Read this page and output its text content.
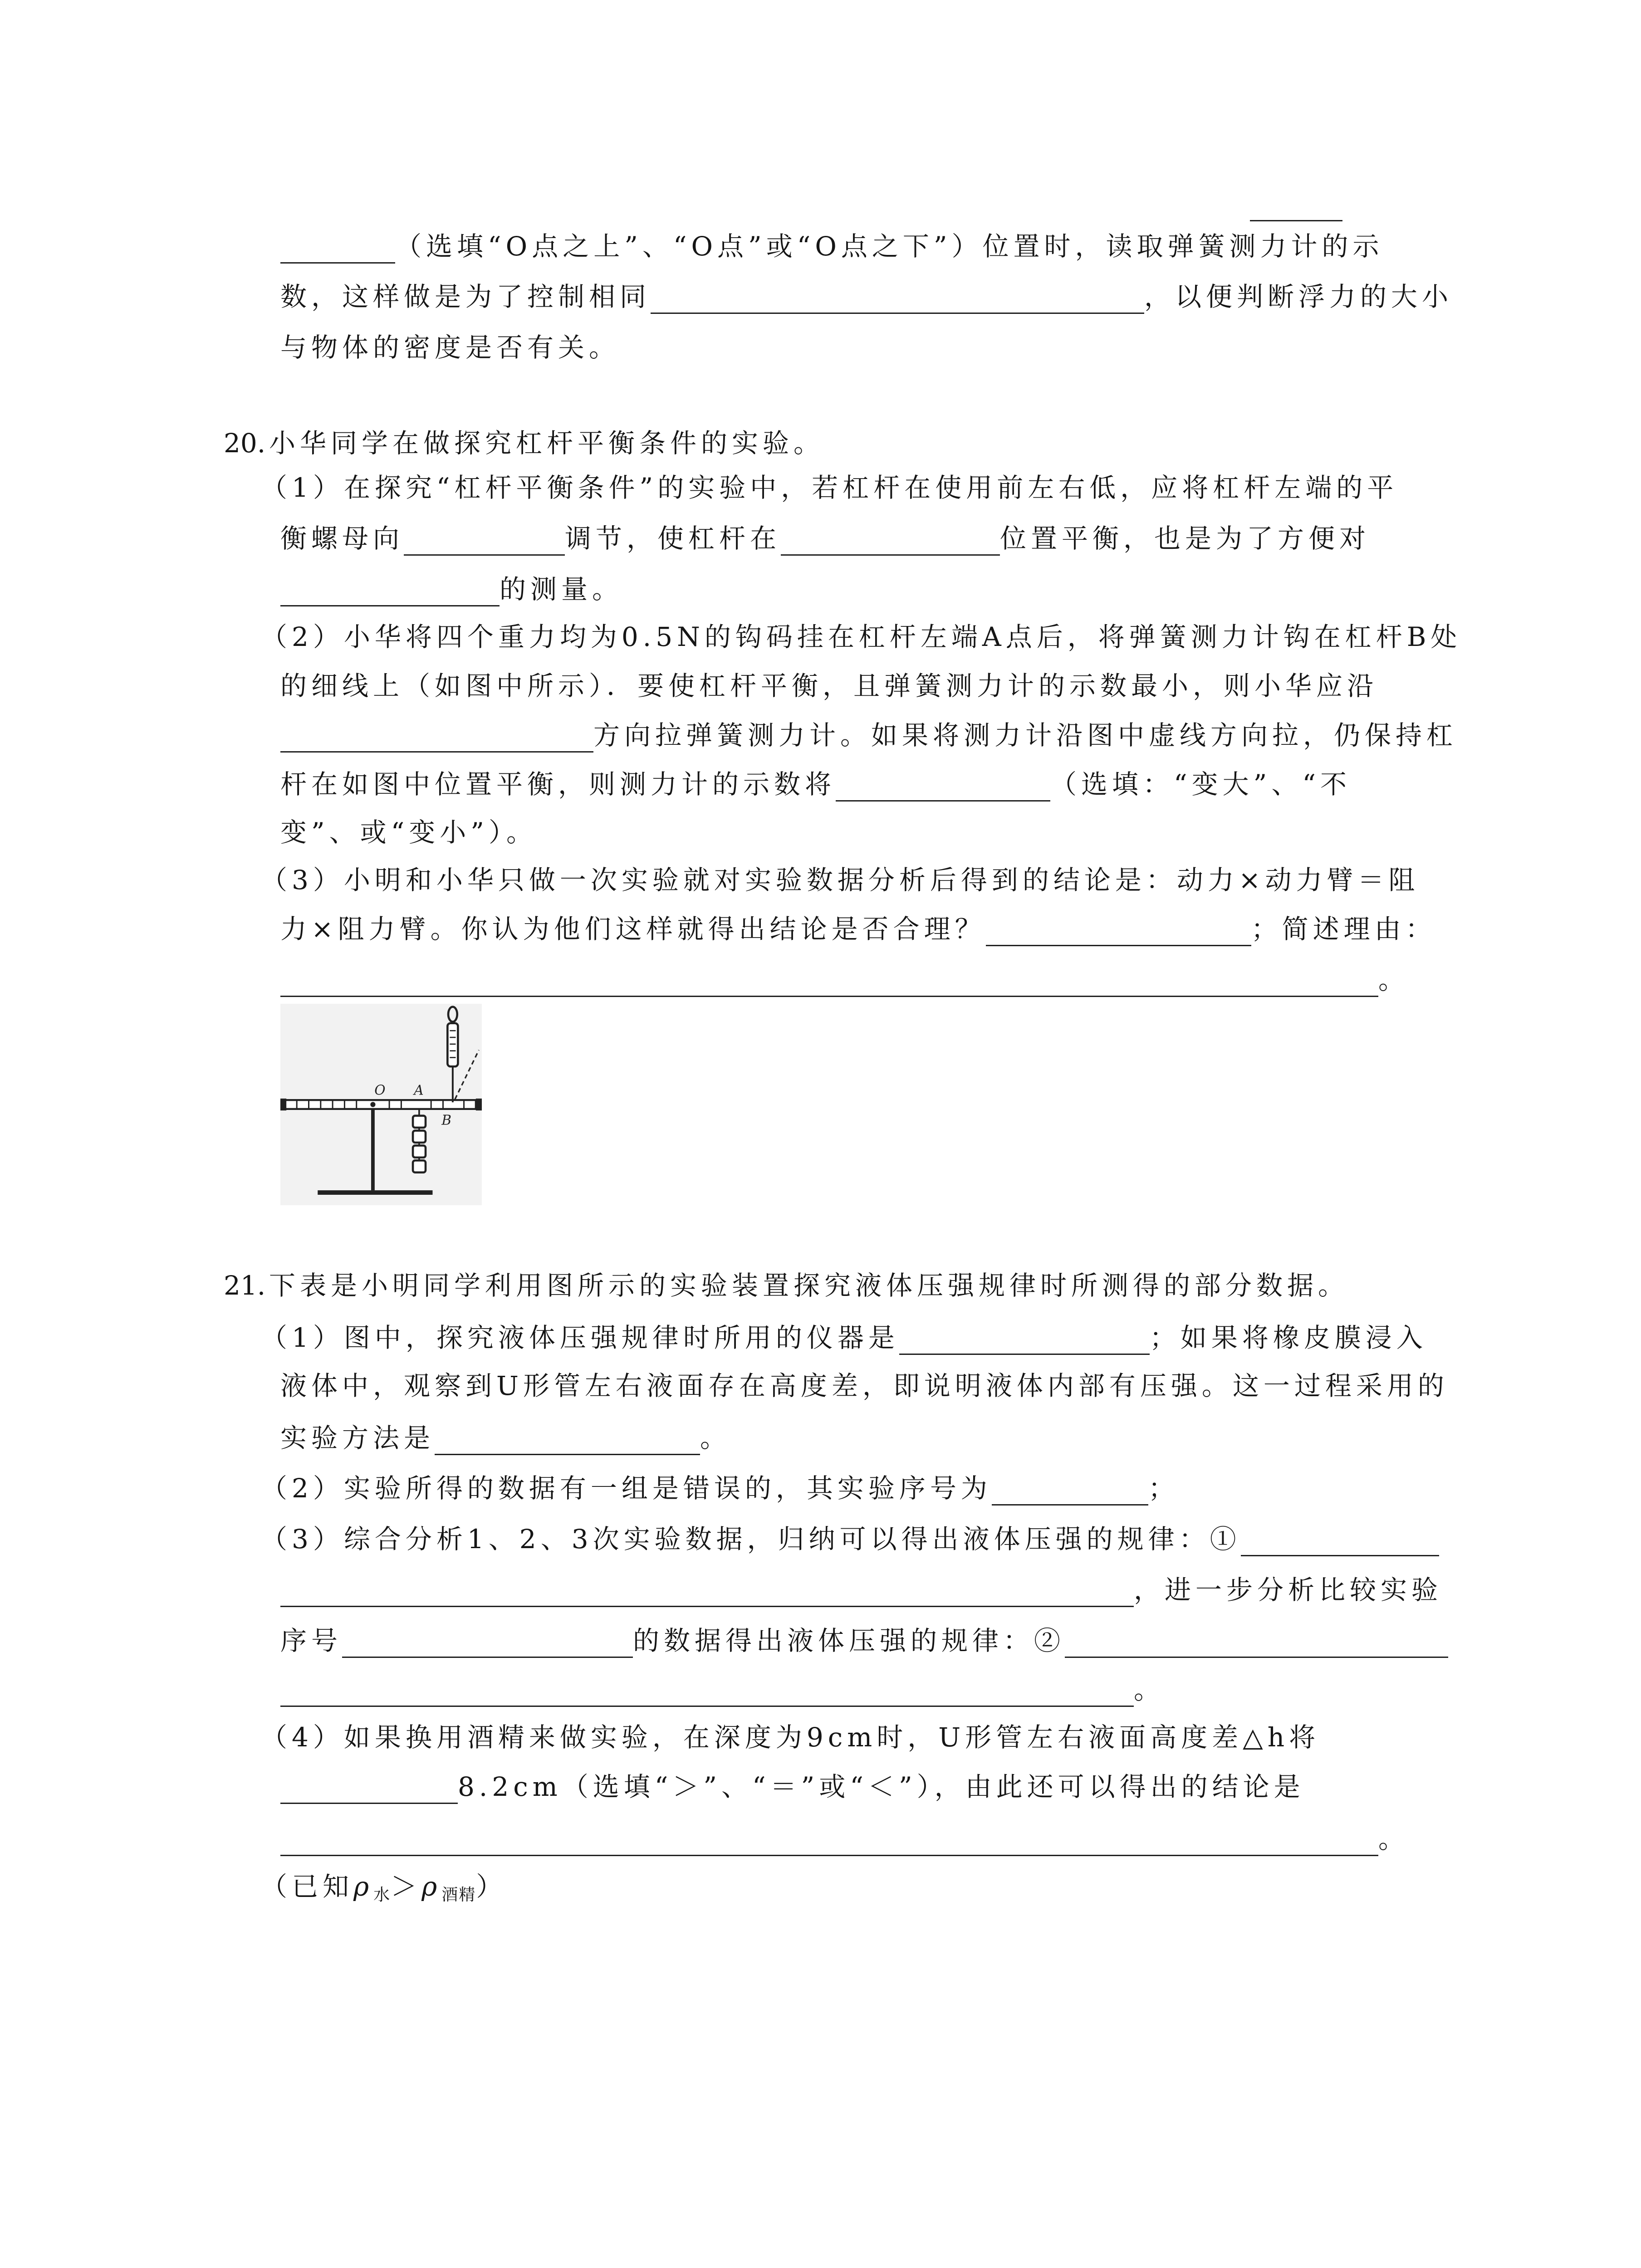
（选填“O点之上”、“O点”或“O点之下”）位置时，读取弹簧测力计的示
数，这样做是为了控制相同	，以便判断浮力的大小
与物体的密度是否有关。
20. 小华同学在做探究杠杆平衡条件的实验。
（1）在探究“杠杆平衡条件”的实验中，若杠杆在使用前左右低，应将杠杆左端的平
衡螺母向	调节，使杠杆在	位置平衡，也是为了方便对
的测量。
（2）小华将四个重力均为0.5N的钩码挂在杠杆左端A点后，将弹簧测力计钩在杠杆B处
的细线上（如图中所示）．要使杠杆平衡，且弹簧测力计的示数最小，则小华应沿
方向拉弹簧测力计。如果将测力计沿图中虚线方向拉，仍保持杠
杆在如图中位置平衡，则测力计的示数将	（选填：“变大”、“不
变”、或“变小”）。
（3）小明和小华只做一次实验就对实验数据分析后得到的结论是：动力×动力臂＝阻
力×阻力臂。你认为他们这样就得出结论是否合理？	；简述理由：
。
O	A
B
21. 下表是小明同学利用图所示的实验装置探究液体压强规律时所测得的部分数据。
（1）图中，探究液体压强规律时所用的仪器是	；如果将橡皮膜浸入
液体中，观察到U形管左右液面存在高度差，即说明液体内部有压强。这一过程采用的
实验方法是	。
（2）实验所得的数据有一组是错误的，其实验序号为	；
（3）综合分析1、2、3次实验数据，归纳可以得出液体压强的规律：①
，进一步分析比较实验
序号	的数据得出液体压强的规律：②
。
（4）如果换用酒精来做实验，在深度为9cm时，U形管左右液面高度差△h将
8.2cm（选填“＞”、“＝”或“＜”），由此还可以得出的结论是
。
（已知$\rho_水>\rho_{酒精}$）
